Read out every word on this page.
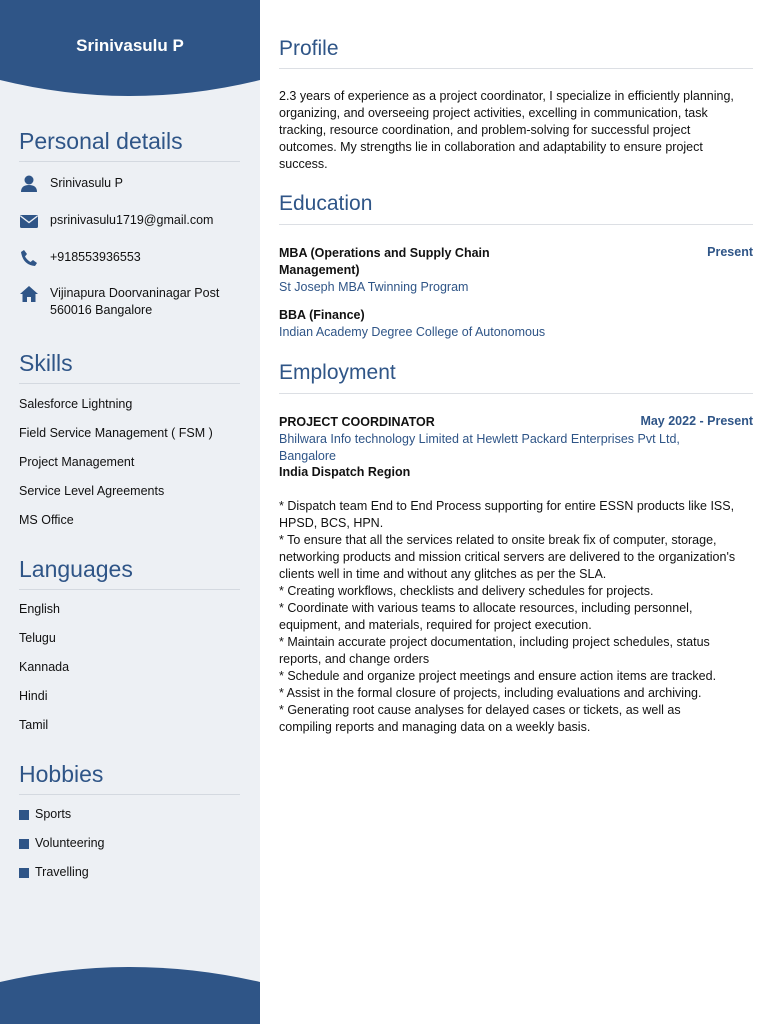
Srinivasulu P
Personal details
Srinivasulu P
psrinivasulu1719@gmail.com
+918553936553
Vijinapura Doorvaninagar Post
560016 Bangalore
Skills
Salesforce Lightning
Field Service Management ( FSM )
Project Management
Service Level Agreements
MS Office
Languages
English
Telugu
Kannada
Hindi
Tamil
Hobbies
Sports
Volunteering
Travelling
Profile
2.3 years of experience as a project coordinator, I specialize in efficiently planning,
organizing, and overseeing project activities, excelling in communication, task
tracking, resource coordination, and problem-solving for successful project
outcomes. My strengths lie in collaboration and adaptability to ensure project
success.
Education
MBA (Operations and Supply Chain
Management)
Present
St Joseph MBA Twinning Program
BBA (Finance)
Indian Academy Degree College of Autonomous
Employment
PROJECT COORDINATOR	May 2022 - Present
Bhilwara Info technology Limited at Hewlett Packard Enterprises Pvt Ltd,
Bangalore
India Dispatch Region
* Dispatch team End to End Process supporting for entire ESSN products like ISS,
HPSD, BCS, HPN.
* To ensure that all the services related to onsite break fix of computer, storage,
networking products and mission critical servers are delivered to the organization's
clients well in time and without any glitches as per the SLA.
* Creating workflows, checklists and delivery schedules for projects.
* Coordinate with various teams to allocate resources, including personnel,
equipment, and materials, required for project execution.
* Maintain accurate project documentation, including project schedules, status
reports, and change orders
* Schedule and organize project meetings and ensure action items are tracked.
* Assist in the formal closure of projects, including evaluations and archiving.
* Generating root cause analyses for delayed cases or tickets, as well as
compiling reports and managing data on a weekly basis.
